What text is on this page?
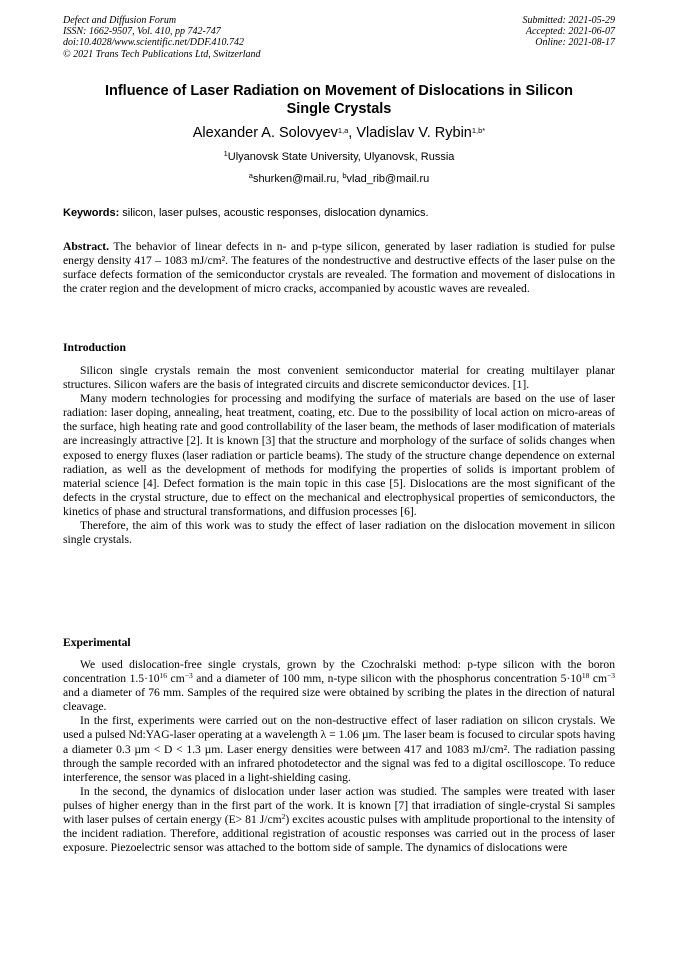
Defect and Diffusion Forum
ISSN: 1662-9507, Vol. 410, pp 742-747
doi:10.4028/www.scientific.net/DDF.410.742
© 2021 Trans Tech Publications Ltd, Switzerland
Submitted: 2021-05-29
Accepted: 2021-06-07
Online: 2021-08-17
Influence of Laser Radiation on Movement of Dislocations in Silicon
Single Crystals
Alexander A. Solovyev$^{1,a}$, Vladislav V. Rybin$^{1,b*}$
$^1$Ulyanovsk State University, Ulyanovsk, Russia
$^a$shurken@mail.ru, $^b$vlad_rib@mail.ru
Keywords: silicon, laser pulses, acoustic responses, dislocation dynamics.

Abstract. The behavior of linear defects in n- and p-type silicon, generated by laser radiation is studied for pulse energy density 417 – 1083 mJ/cm². The features of the nondestructive and destructive effects of the laser pulse on the surface defects formation of the semiconductor crystals are revealed. The formation and movement of dislocations in the crater region and the development of micro cracks, accompanied by acoustic waves are revealed.

Introduction

Silicon single crystals remain the most convenient semiconductor material for creating multilayer planar structures. Silicon wafers are the basis of integrated circuits and discrete semiconductor devices. [1].

Many modern technologies for processing and modifying the surface of materials are based on the use of laser radiation: laser doping, annealing, heat treatment, coating, etc. Due to the possibility of local action on micro-areas of the surface, high heating rate and good controllability of the laser beam, the methods of laser modification of materials are increasingly attractive [2]. It is known [3] that the structure and morphology of the surface of solids changes when exposed to energy fluxes (laser radiation or particle beams). The study of the structure change dependence on external radiation, as well as the development of methods for modifying the properties of solids is important problem of material science [4]. Defect formation is the main topic in this case [5]. Dislocations are the most significant of the defects in the crystal structure, due to effect on the mechanical and electrophysical properties of semiconductors, the kinetics of phase and structural transformations, and diffusion processes [6].

Therefore, the aim of this work was to study the effect of laser radiation on the dislocation movement in silicon single crystals.

Experimental

We used dislocation-free single crystals, grown by the Czochralski method: p-type silicon with the boron concentration $1.5\cdot 10^{16}$ $cm^{-3}$ and a diameter of 100 mm, n-type silicon with the phosphorus concentration $5\cdot 10^{18}$ $cm^{-3}$ and a diameter of 76 mm. Samples of the required size were obtained by scribing the plates in the direction of natural cleavage.

In the first, experiments were carried out on the non-destructive effect of laser radiation on silicon crystals. We used a pulsed Nd:YAG-laser operating at a wavelength λ = 1.06 µm. The laser beam is focused to circular spots having a diameter 0.3 µm < D < 1.3 µm. Laser energy densities were between 417 and 1083 mJ/cm². The radiation passing through the sample recorded with an infrared photodetector and the signal was fed to a digital oscilloscope. To reduce interference, the sensor was placed in a light-shielding casing.

In the second, the dynamics of dislocation under laser action was studied. The samples were treated with laser pulses of higher energy than in the first part of the work. It is known [7] that irradiation of single-crystal Si samples with laser pulses of certain energy (E> 81 $J/cm^2$) excites acoustic pulses with amplitude proportional to the intensity of the incident radiation. Therefore, additional registration of acoustic responses was carried out in the process of laser exposure. Piezoelectric sensor was attached to the bottom side of sample. The dynamics of dislocations were
